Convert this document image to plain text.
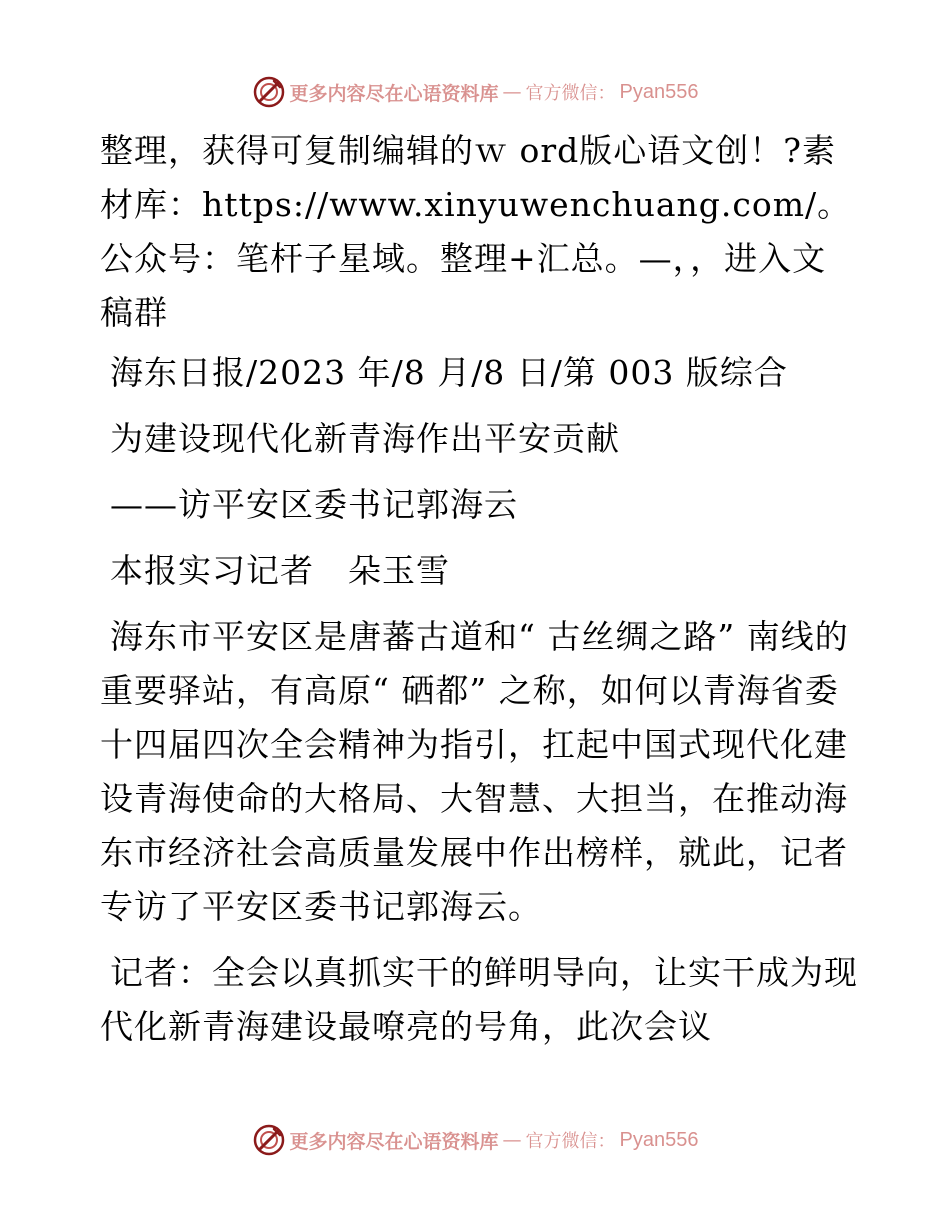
更多内容尽在心语资料库 — 官方微信： Pyan556

整理，获得可复制编辑的ｗ ord版心语文创！?素材库：https://www.xinyuwenchuang.com/。公众号：笔杆子星域。整理+汇总。—，，进入文稿群

海东日报/2023 年/8 月/8 日/第 003 版综合

为建设现代化新青海作出平安贡献

——访平安区委书记郭海云

本报实习记者　朵玉雪

海东市平安区是唐蕃古道和“ 古丝绸之路” 南线的重要驿站，有高原“ 硒都” 之称，如何以青海省委十四届四次全会精神为指引，扛起中国式现代化建设青海使命的大格局、大智慧、大担当，在推动海东市经济社会高质量发展中作出榜样，就此，记者专访了平安区委书记郭海云。

记者：全会以真抓实干的鲜明导向，让实干成为现代化新青海建设最嘹亮的号角，此次会议

更多内容尽在心语资料库 — 官方微信： Pyan556
